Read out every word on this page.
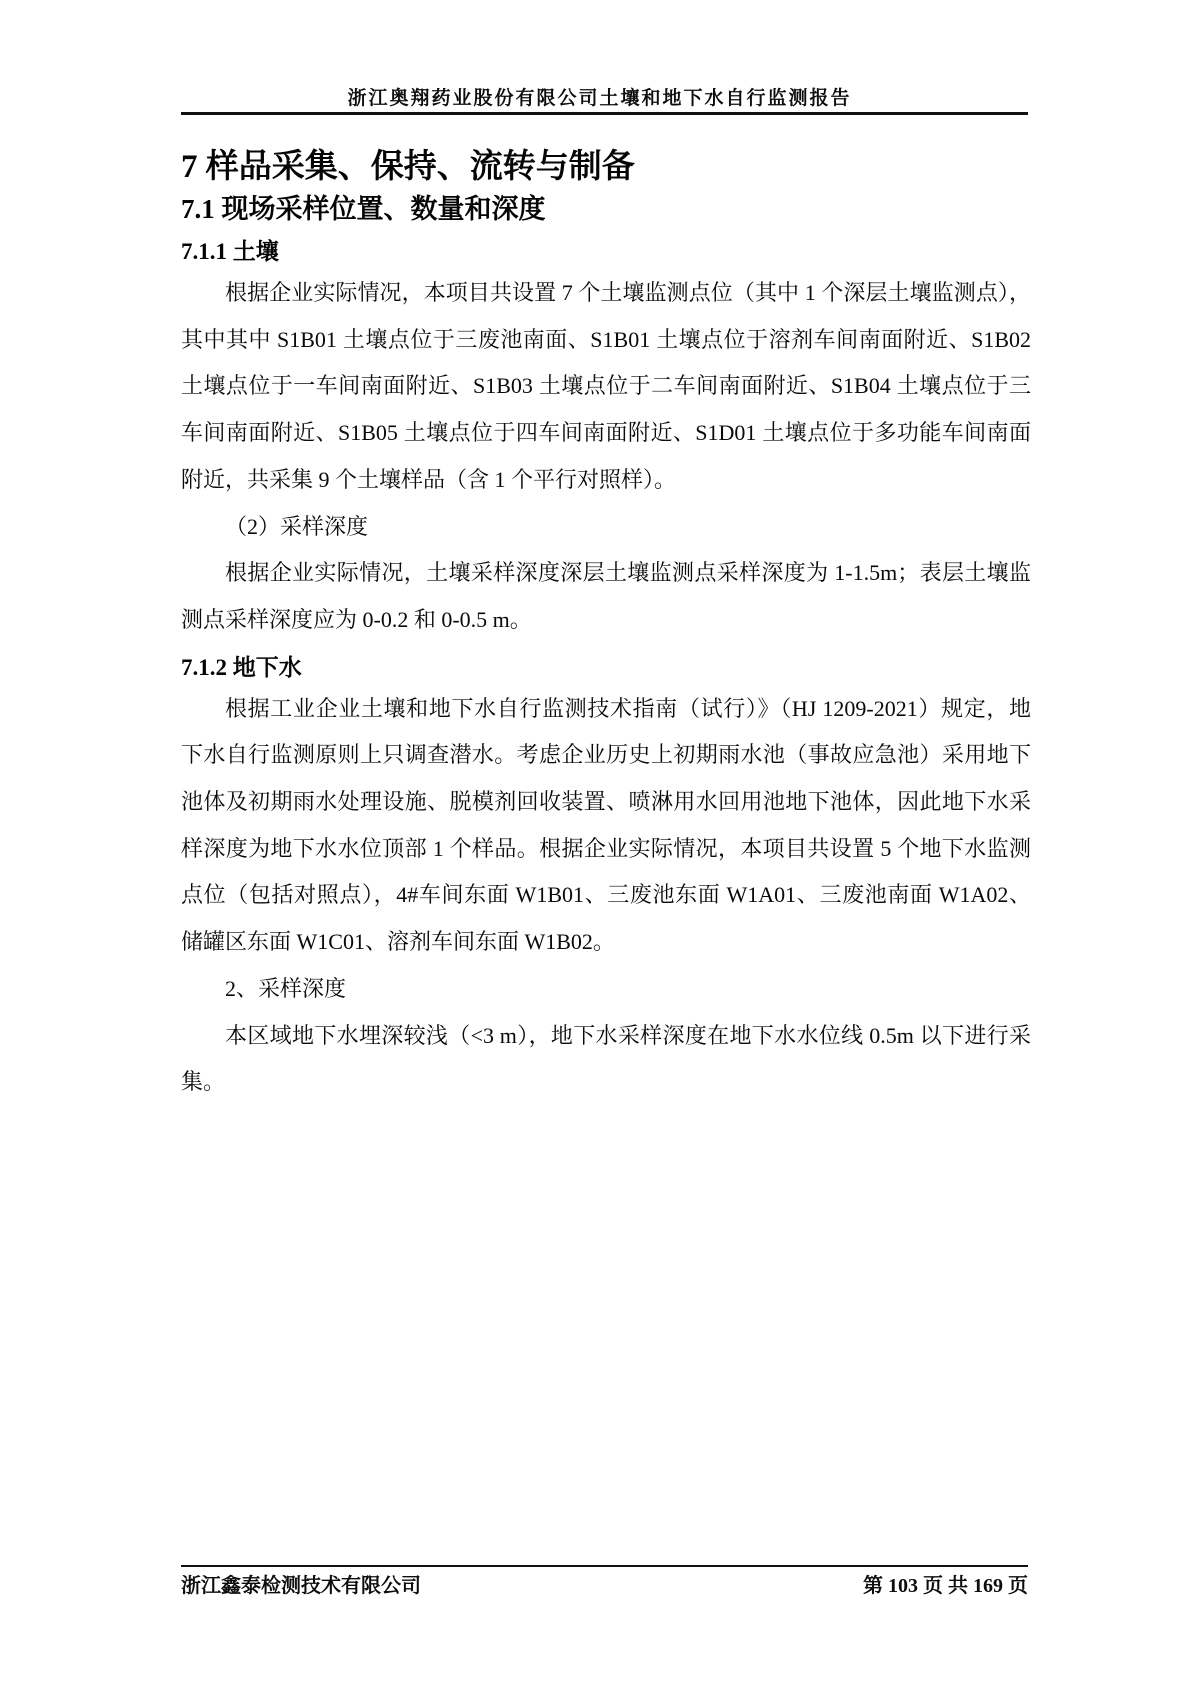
浙江奥翔药业股份有限公司土壤和地下水自行监测报告
7 样品采集、保持、流转与制备
7.1 现场采样位置、数量和深度
7.1.1 土壤

根据企业实际情况，本项目共设置 7 个土壤监测点位（其中 1 个深层土壤监测点），其中其中 S1B01 土壤点位于三废池南面、S1B01 土壤点位于溶剂车间南面附近、S1B02 土壤点位于一车间南面附近、S1B03 土壤点位于二车间南面附近、S1B04 土壤点位于三车间南面附近、S1B05 土壤点位于四车间南面附近、S1D01 土壤点位于多功能车间南面附近，共采集 9 个土壤样品（含 1 个平行对照样）。

（2）采样深度

根据企业实际情况，土壤采样深度深层土壤监测点采样深度为 1-1.5m；表层土壤监测点采样深度应为 0-0.2 和 0-0.5 m。

7.1.2 地下水

根据工业企业土壤和地下水自行监测技术指南（试行）》（HJ 1209-2021）规定，地下水自行监测原则上只调查潜水。考虑企业历史上初期雨水池（事故应急池）采用地下池体及初期雨水处理设施、脱模剂回收装置、喷淋用水回用池地下池体，因此地下水采样深度为地下水水位顶部 1 个样品。根据企业实际情况，本项目共设置 5 个地下水监测点位（包括对照点），4#车间东面 W1B01、三废池东面 W1A01、三废池南面 W1A02、储罐区东面 W1C01、溶剂车间东面 W1B02。

2、采样深度

本区域地下水埋深较浅（<3 m），地下水采样深度在地下水水位线 0.5m 以下进行采集。

浙江鑫泰检测技术有限公司	第 103 页 共 169 页
